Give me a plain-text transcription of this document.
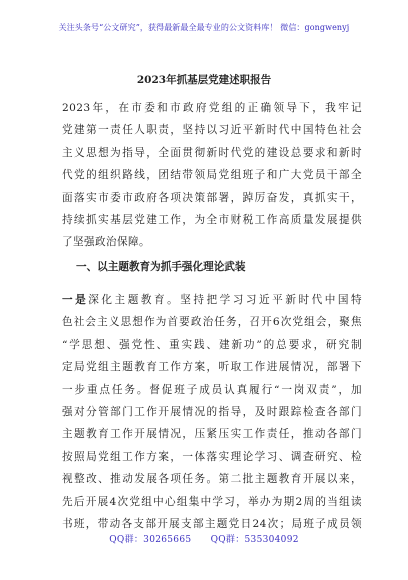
关注头条号“公文研究”，获得最新最全最专业的公文资料库！ 微信：gongwenyj
2023年抓基层党建述职报告
2023年，在市委和市政府党组的正确领导下，我牢记
党建第一责任人职责，坚持以习近平新时代中国特色社会
主义思想为指导，全面贯彻新时代党的建设总要求和新时
代党的组织路线，团结带领局党组班子和广大党员干部全
面落实市委市政府各项决策部署，踔厉奋发，真抓实干，
持续抓实基层党建工作，为全市财税工作高质量发展提供
了坚强政治保障。
一、以主题教育为抓手强化理论武装
一是深化主题教育。坚持把学习习近平新时代中国特
色社会主义思想作为首要政治任务，召开6次党组会，聚焦
“学思想、强党性、重实践、建新功”的总要求，研究制
定局党组主题教育工作方案，听取工作进展情况，部署下
一步重点任务。督促班子成员认真履行“一岗双责”，加
强对分管部门工作开展情况的指导，及时跟踪检查各部门
主题教育工作开展情况，压紧压实工作责任，推动各部门
按照局党组工作方案，一体落实理论学习、调查研究、检
视整改、推动发展各项任务。第二批主题教育开展以来，
先后开展4次党组中心组集中学习，举办为期2周的当组读
书班，带动各支部开展支部主题党日24次；局班子成员领
QQ群：30265665 QQ群：535304092
